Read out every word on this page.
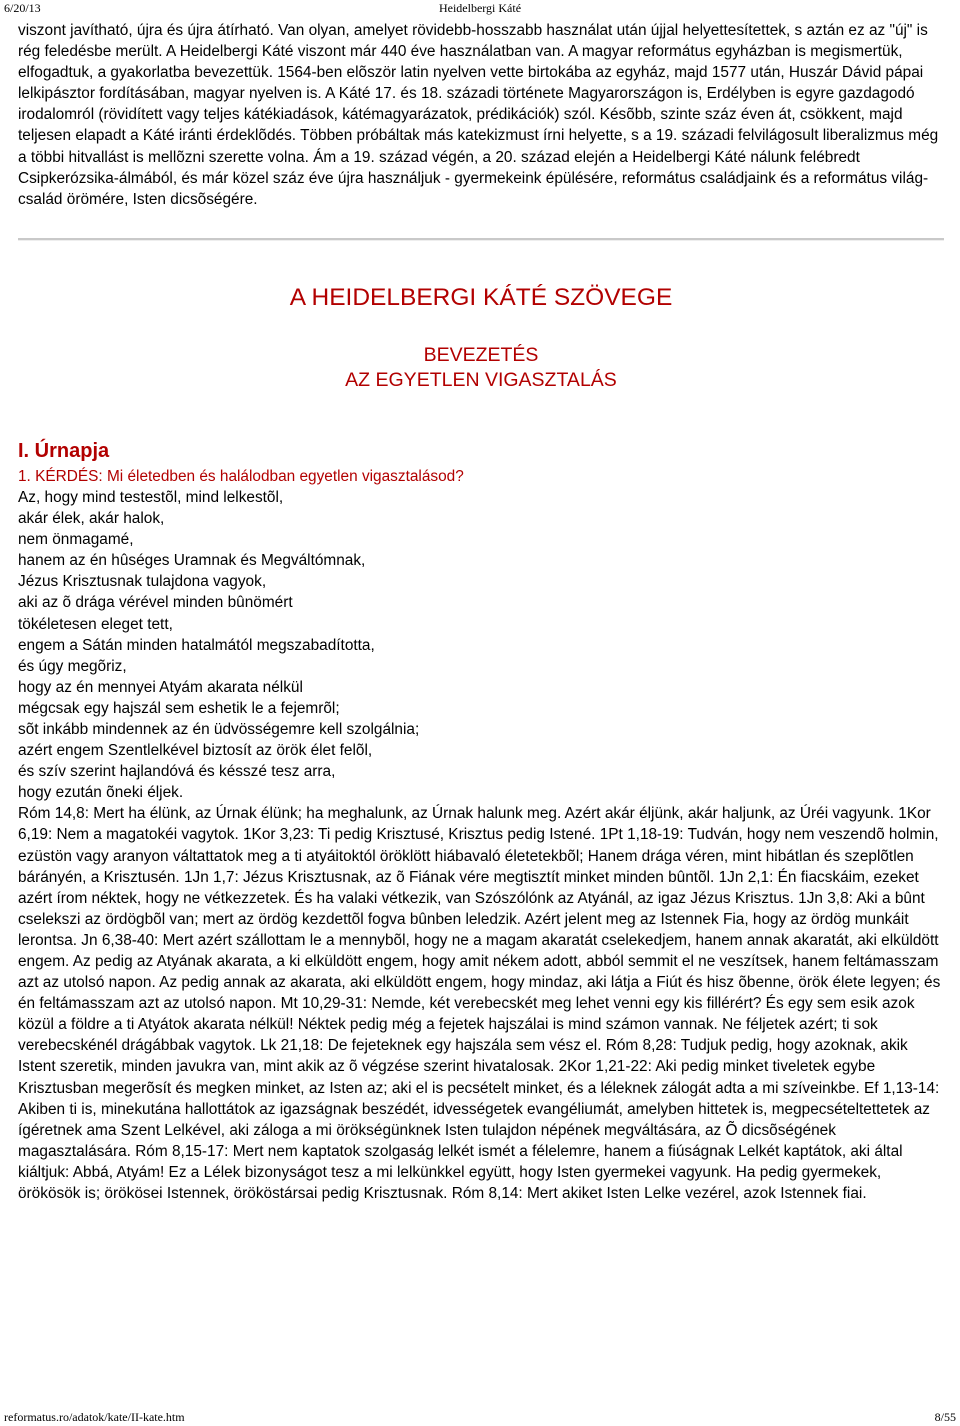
6/20/13	Heidelbergi Káté

viszont javítható, újra és újra átírható. Van olyan, amelyet rövidebb-hosszabb használat után újjal helyettesítettek, s aztán ez az "új" is rég feledésbe merült. A Heidelbergi Káté viszont már 440 éve használatban van. A magyar református egyházban is megismertük, elfogadtuk, a gyakorlatba bevezettük. 1564-ben elõször latin nyelven vette birtokába az egyház, majd 1577 után, Huszár Dávid pápai lelkipásztor fordításában, magyar nyelven is. A Káté 17. és 18. századi története Magyarországon is, Erdélyben is egyre gazdagodó irodalomról (rövidített vagy teljes kátékiadások, kátémagyarázatok, prédikációk) szól. Késõbb, szinte száz éven át, csökkent, majd teljesen elapadt a Káté iránti érdeklõdés. Többen próbáltak más katekizmust írni helyette, s a 19. századi felvilágosult liberalizmus még a többi hitvallást is mellõzni szerette volna. Ám a 19. század végén, a 20. század elején a Heidelbergi Káté nálunk felébredt Csipkerózsika-álmából, és már közel száz éve újra használjuk - gyermekeink épülésére, református családjaink és a református világ-család örömére, Isten dicsõségére.

A HEIDELBERGI KÁTÉ SZÖVEGE
BEVEZETÉS
AZ EGYETLEN VIGASZTALÁS
I. Úrnapja
1. KÉRDÉS: Mi életedben és halálodban egyetlen vigasztalásod?
Az, hogy mind testestõl, mind lelkestõl,
akár élek, akár halok,
nem önmagamé,
hanem az én hûséges Uramnak és Megváltómnak,
Jézus Krisztusnak tulajdona vagyok,
aki az õ drága vérével minden bûnömért
tökéletesen eleget tett,
engem a Sátán minden hatalmától megszabadította,
és úgy megõriz,
hogy az én mennyei Atyám akarata nélkül
mégcsak egy hajszál sem eshetik le a fejemrõl;
sõt inkább mindennek az én üdvösségemre kell szolgálnia;
azért engem Szentlelkével biztosít az örök élet felõl,
és szív szerint hajlandóvá és késszé tesz arra,
hogy ezután õneki éljek.

Róm 14,8: Mert ha élünk, az Úrnak élünk; ha meghalunk, az Úrnak halunk meg. Azért akár éljünk, akár haljunk, az Úréi vagyunk. 1Kor 6,19: Nem a magatokéi vagytok. 1Kor 3,23: Ti pedig Krisztusé, Krisztus pedig Istené. 1Pt 1,18-19: Tudván, hogy nem veszendõ holmin, ezüstön vagy aranyon váltattatok meg a ti atyáitoktól öröklött hiábavaló életetekbõl; Hanem drága véren, mint hibátlan és szeplõtlen bárányén, a Krisztusén. 1Jn 1,7: Jézus Krisztusnak, az õ Fiának vére megtisztít minket minden bûntõl. 1Jn 2,1: Én fiacskáim, ezeket azért írom néktek, hogy ne vétkezzetek. És ha valaki vétkezik, van Szószólónk az Atyánál, az igaz Jézus Krisztus. 1Jn 3,8: Aki a bûnt cselekszi az ördögbõl van; mert az ördög kezdettõl fogva bûnben leledzik. Azért jelent meg az Istennek Fia, hogy az ördög munkáit lerontsa. Jn 6,38-40: Mert azért szállottam le a mennybõl, hogy ne a magam akaratát cselekedjem, hanem annak akaratát, aki elküldött engem. Az pedig az Atyának akarata, a ki elküldött engem, hogy amit nékem adott, abból semmit el ne veszítsek, hanem feltámasszam azt az utolsó napon. Az pedig annak az akarata, aki elküldött engem, hogy mindaz, aki látja a Fiút és hisz õbenne, örök élete legyen; és én feltámasszam azt az utolsó napon. Mt 10,29-31: Nemde, két verebecskét meg lehet venni egy kis fillérért? És egy sem esik azok közül a földre a ti Atyátok akarata nélkül! Néktek pedig még a fejetek hajszálai is mind számon vannak. Ne féljetek azért; ti sok verebecskénél drágábbak vagytok. Lk 21,18: De fejeteknek egy hajszála sem vész el. Róm 8,28: Tudjuk pedig, hogy azoknak, akik Istent szeretik, minden javukra van, mint akik az õ végzése szerint hivatalosak. 2Kor 1,21-22: Aki pedig minket tiveletek egybe Krisztusban megerõsít és megken minket, az Isten az; aki el is pecsételt minket, és a léleknek zálogát adta a mi szíveinkbe. Ef 1,13-14: Akiben ti is, minekutána hallottátok az igazságnak beszédét, idvességetek evangéliumát, amelyben hittetek is, megpecsételtettetek az ígéretnek ama Szent Lelkével, aki záloga a mi örökségünknek Isten tulajdon népének megváltására, az Õ dicsõségének magasztalására. Róm 8,15-17: Mert nem kaptatok szolgaság lelkét ismét a félelemre, hanem a fiúságnak Lelkét kaptátok, aki által kiáltjuk: Abbá, Atyám! Ez a Lélek bizonyságot tesz a mi lelkünkkel együtt, hogy Isten gyermekei vagyunk. Ha pedig gyermekek, örökösök is; örökösei Istennek, örököstársai pedig Krisztusnak. Róm 8,14: Mert akiket Isten Lelke vezérel, azok Istennek fiai.

reformatus.ro/adatok/kate/II-kate.htm	8/55
